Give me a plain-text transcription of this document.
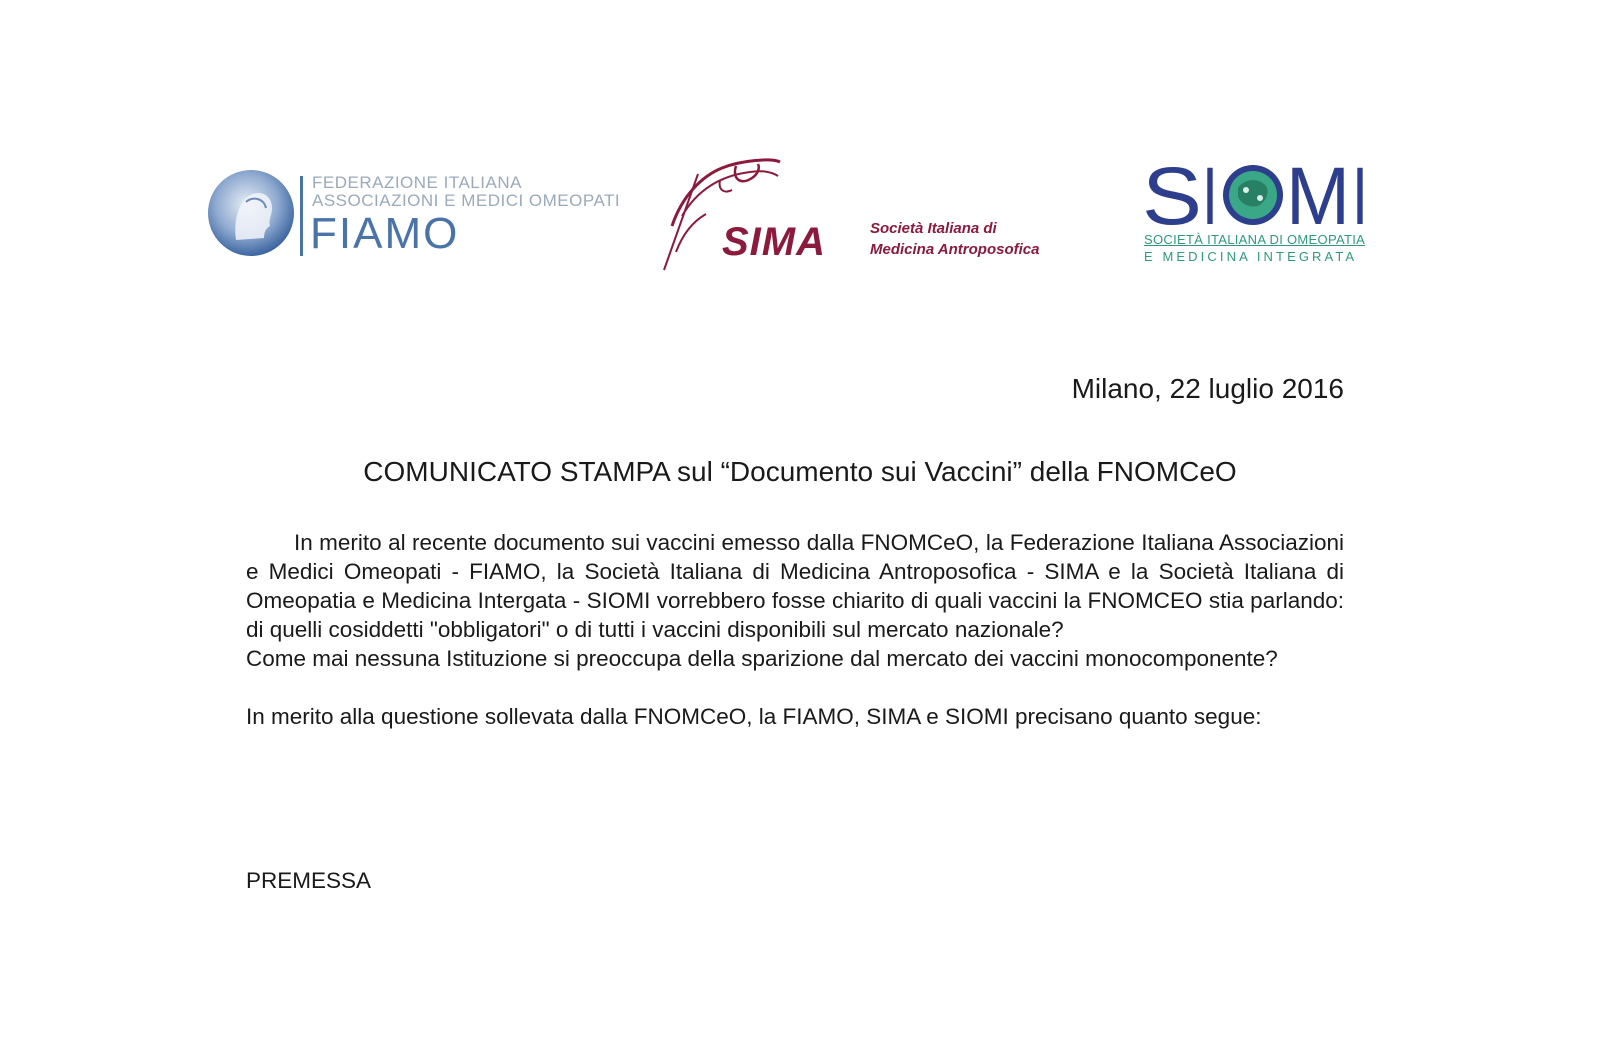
FEDERAZIONE ITALIANA
ASSOCIAZIONI E MEDICI OMEOPATI
FIAMO	SIMA	Società Italiana di
Medicina Antroposofica
S I M I
SOCIETÀ ITALIANA DI OMEOPATIA
E MEDICINA INTEGRATA
Milano, 22 luglio 2016
COMUNICATO STAMPA sul “Documento sui Vaccini” della FNOMCeO

In merito al recente documento sui vaccini emesso dalla FNOMCeO, la Federazione Italiana Associazioni e Medici Omeopati - FIAMO, la Società Italiana di Medicina Antroposofica - SIMA e la Società Italiana di Omeopatia e Medicina Intergata - SIOMI vorrebbero fosse chiarito di quali vaccini la FNOMCEO stia parlando: di quelli cosiddetti "obbligatori" o di tutti i vaccini disponibili sul mercato nazionale?

Come mai nessuna Istituzione si preoccupa della sparizione dal mercato dei vaccini monocomponente?

In merito alla questione sollevata dalla FNOMCeO, la FIAMO, SIMA e SIOMI precisano quanto segue:

PREMESSA
